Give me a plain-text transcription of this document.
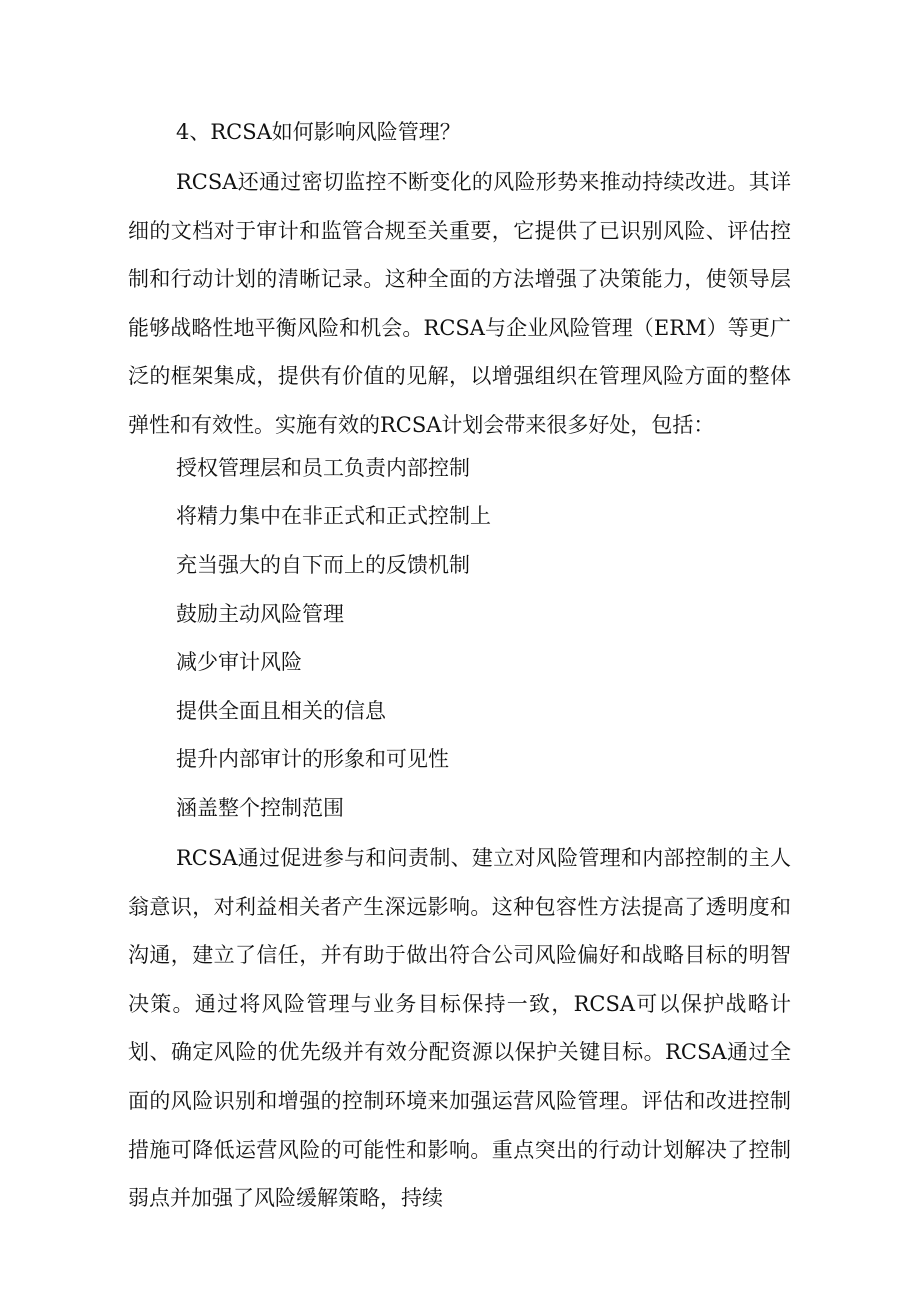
4、RCSA如何影响风险管理？

RCSA还通过密切监控不断变化的风险形势来推动持续改进。其详细的文档对于审计和监管合规至关重要，它提供了已识别风险、评估控制和行动计划的清晰记录。这种全面的方法增强了决策能力，使领导层能够战略性地平衡风险和机会。RCSA与企业风险管理（ERM）等更广泛的框架集成，提供有价值的见解，以增强组织在管理风险方面的整体弹性和有效性。实施有效的RCSA计划会带来很多好处，包括：

授权管理层和员工负责内部控制
将精力集中在非正式和正式控制上
充当强大的自下而上的反馈机制
鼓励主动风险管理
减少审计风险
提供全面且相关的信息
提升内部审计的形象和可见性
涵盖整个控制范围

RCSA通过促进参与和问责制、建立对风险管理和内部控制的主人翁意识，对利益相关者产生深远影响。这种包容性方法提高了透明度和沟通，建立了信任，并有助于做出符合公司风险偏好和战略目标的明智决策。通过将风险管理与业务目标保持一致，RCSA可以保护战略计划、确定风险的优先级并有效分配资源以保护关键目标。RCSA通过全面的风险识别和增强的控制环境来加强运营风险管理。评估和改进控制措施可降低运营风险的可能性和影响。重点突出的行动计划解决了控制弱点并加强了风险缓解策略，持续
